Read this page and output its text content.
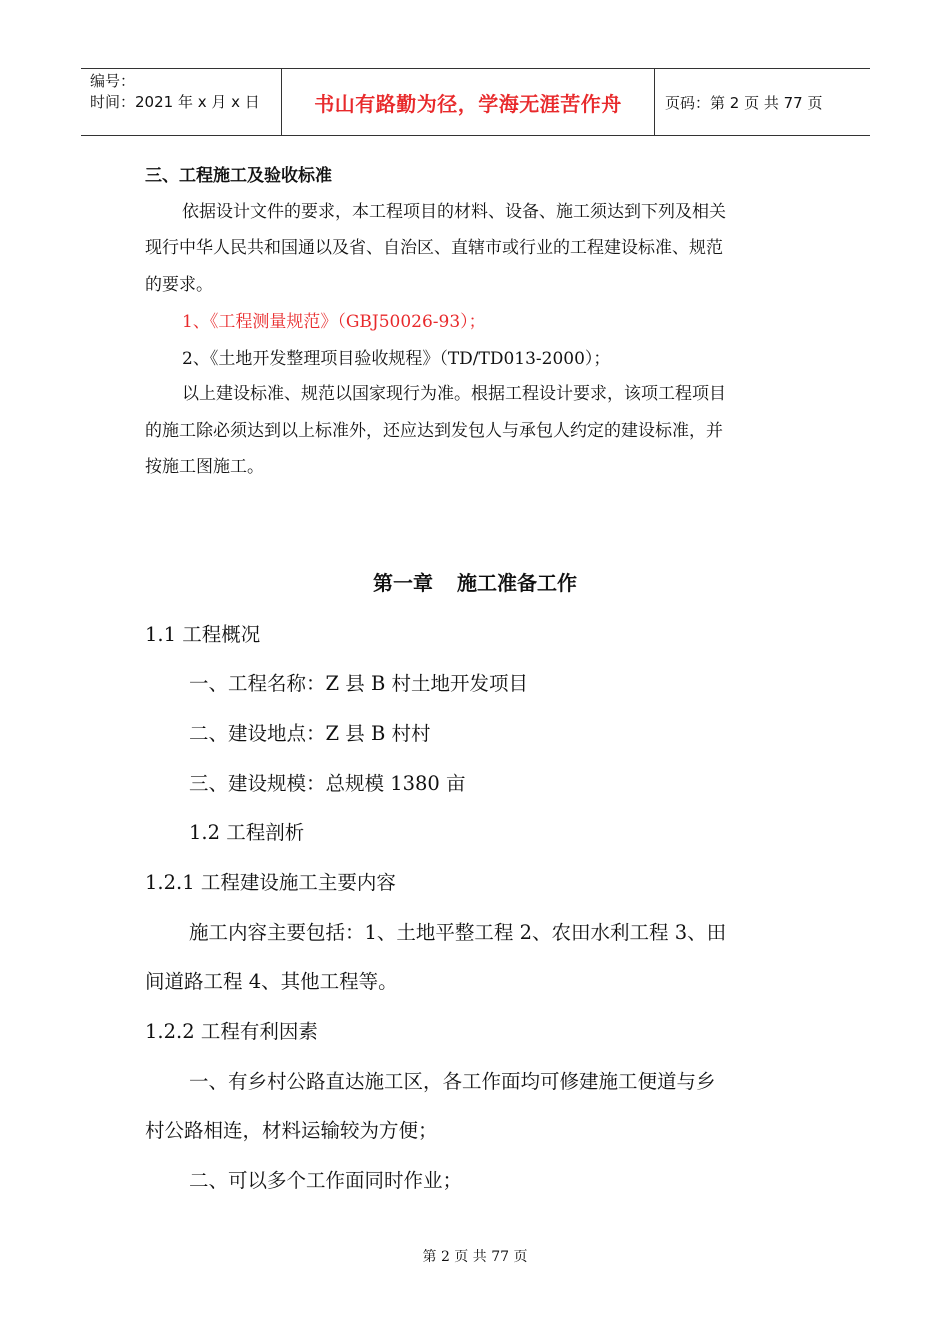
编号：
时间：2021 年 x 月 x 日	书山有路勤为径，学海无涯苦作舟	页码：第 2 页 共 77 页
三、工程施工及验收标准
依据设计文件的要求，本工程项目的材料、设备、施工须达到下列及相关
现行中华人民共和国通以及省、自治区、直辖市或行业的工程建设标准、规范
的要求。
1、《工程测量规范》（GBJ50026-93）；
2、《土地开发整理项目验收规程》（TD/TD013-2000）；
以上建设标准、规范以国家现行为准。根据工程设计要求，该项工程项目
的施工除必须达到以上标准外，还应达到发包人与承包人约定的建设标准，并
按施工图施工。
第一章 施工准备工作
1.1 工程概况
一、工程名称：Z 县 B 村土地开发项目
二、建设地点：Z 县 B 村村
三、建设规模：总规模 1380 亩
1.2 工程剖析
1.2.1 工程建设施工主要内容
施工内容主要包括：1、土地平整工程 2、农田水利工程 3、田
间道路工程 4、其他工程等。
1.2.2 工程有利因素
一、有乡村公路直达施工区，各工作面均可修建施工便道与乡
村公路相连，材料运输较为方便；
二、可以多个工作面同时作业；
第 2 页 共 77 页
